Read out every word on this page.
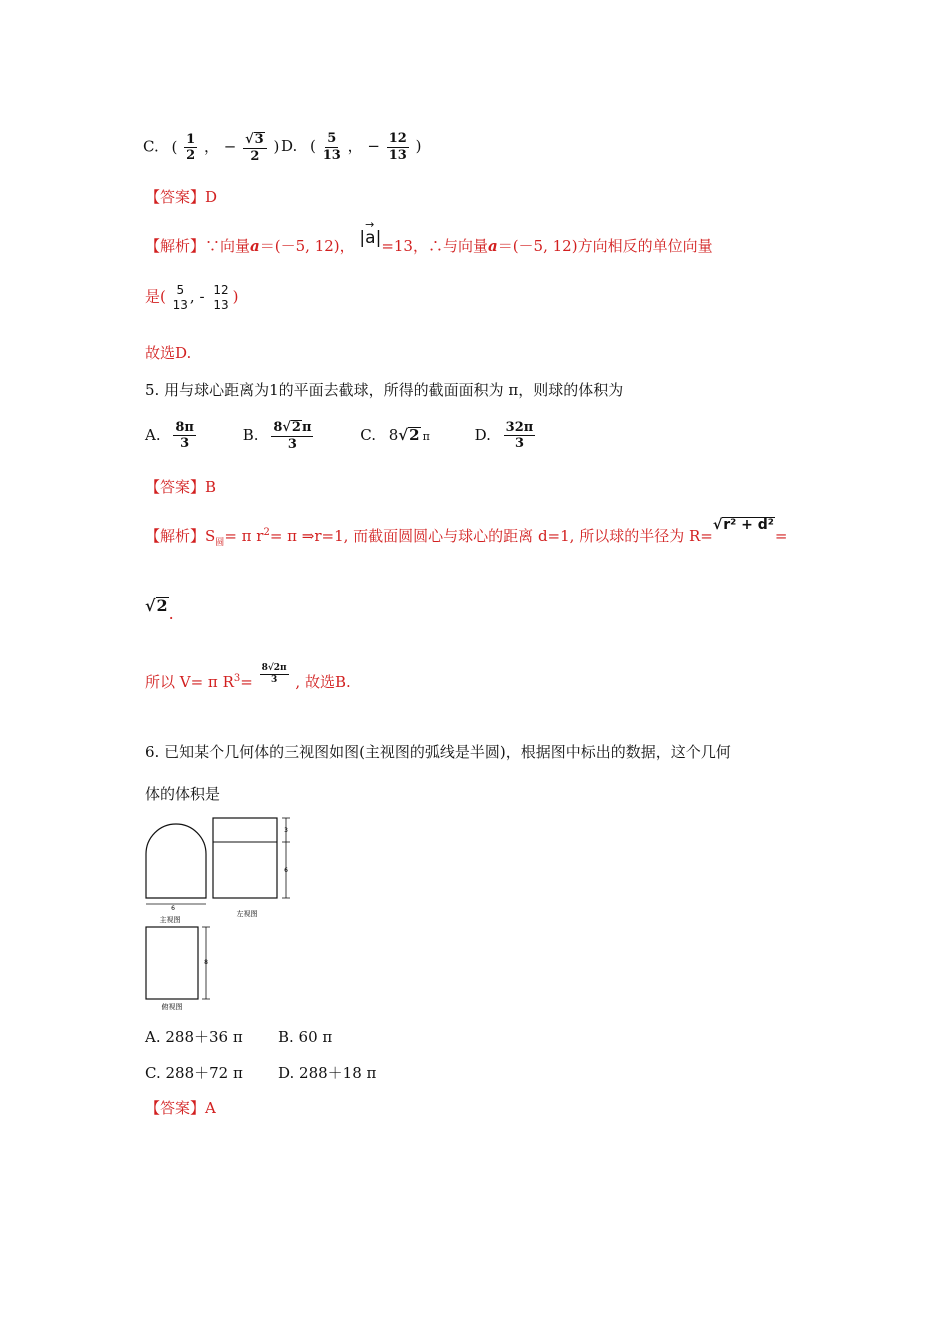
C. ( $\frac{1}{2}$ ， − $\frac{√ 3}{2}$ ) D. ( $\frac{5}{13}$ ， − $\frac{12}{13}$ )
【答案】D
【解析】∵向量a＝(－5, 12)， |
→
a|=13，∴与向量a＝(－5, 12)方向相反的单位向量
是( 5
13 , - 12
13 )
故选D.
5. 用与球心距离为1的平面去截球，所得的截面面积为 π，则球的体积为
A. $\frac{8\pi}{3}$	B. $\frac{8√ 2 \pi}{3}$	C. 8√ 2 π	D. $\frac{32\pi}{3}$
【答案】B
【解析】$S_圆= \pi$ $r^2= \pi$ ⇒r=1, 而截面圆圆心与球心的距离 d=1, 所以球的半径为 R=√ r² + d²
=
√ 2 .
所以 V= π $R^3= \frac{8√2\pi}{3}$ , 故选B.
6. 已知某个几何体的三视图如图(主视图的弧线是半圆)，根据图中标出的数据，这个几何
体的体积是
6
主视图
3
6
左视图
8
俯视图
A. 288＋36 π B. 60 π
C. 288＋72 π D. 288＋18 π
【答案】A
